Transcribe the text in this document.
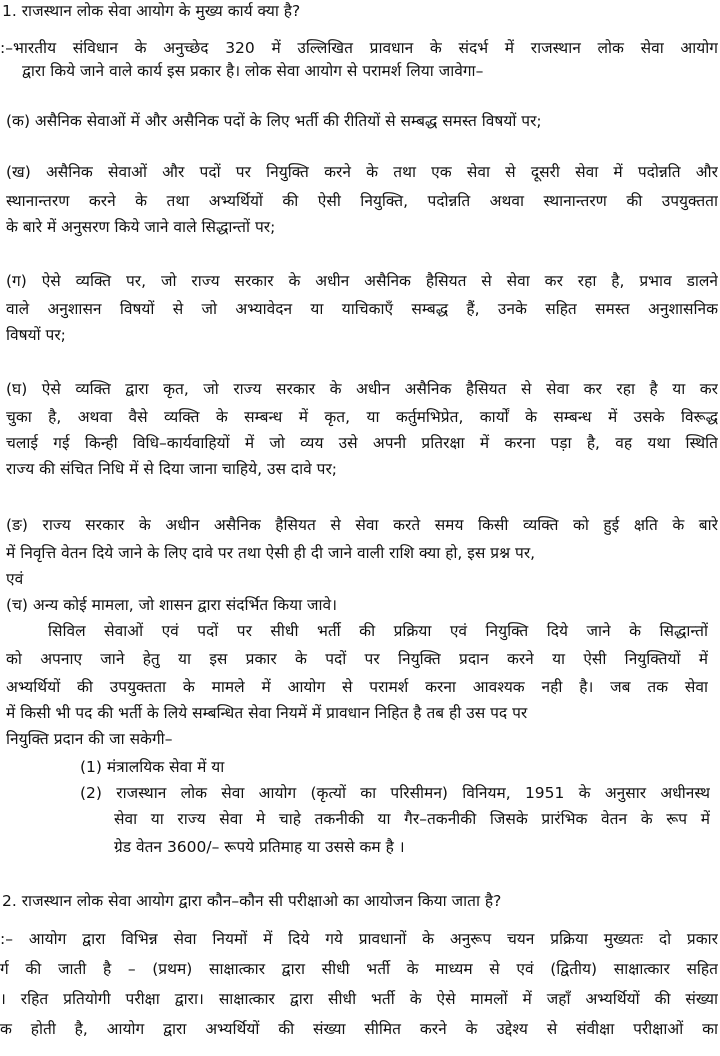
1. राजस्थान लोक सेवा आयोग के मुख्य कार्य क्या है?
:–भारतीय संविधान के अनुच्छेद 320 में उल्लिखित प्रावधान के संदर्भ में राजस्थान लोक सेवा आयोग
द्वारा किये जाने वाले कार्य इस प्रकार है। लोक सेवा आयोग से परामर्श लिया जावेगा–
(क) असैनिक सेवाओं में और असैनिक पदों के लिए भर्ती की रीतियों से सम्बद्ध समस्त विषयों पर;
(ख) असैनिक सेवाओं और पदों पर नियुक्ति करने के तथा एक सेवा से दूसरी सेवा में पदोन्नति और
स्थानान्तरण करने के तथा अभ्यर्थियों की ऐसी नियुक्ति, पदोन्नति अथवा स्थानान्तरण की उपयुक्तता
के बारे में अनुसरण किये जाने वाले सिद्धान्तों पर;
(ग) ऐसे व्यक्ति पर, जो राज्य सरकार के अधीन असैनिक हैसियत से सेवा कर रहा है, प्रभाव डालने
वाले अनुशासन विषयों से जो अभ्यावेदन या याचिकाएँ सम्बद्ध हैं, उनके सहित समस्त अनुशासनिक
विषयों पर;
(घ) ऐसे व्यक्ति द्वारा कृत, जो राज्य सरकार के अधीन असैनिक हैसियत से सेवा कर रहा है या कर
चुका है, अथवा वैसे व्यक्ति के सम्बन्ध में कृत, या कर्तुमभिप्रेत, कार्यों के सम्बन्ध में उसके विरूद्ध
चलाई गई किन्ही विधि–कार्यवाहियों में जो व्यय उसे अपनी प्रतिरक्षा में करना पड़ा है, वह यथा स्थिति
राज्य की संचित निधि में से दिया जाना चाहिये, उस दावे पर;
(ङ) राज्य सरकार के अधीन असैनिक हैसियत से सेवा करते समय किसी व्यक्ति को हुई क्षति के बारे
में निवृत्ति वेतन दिये जाने के लिए दावे पर तथा ऐसी ही दी जाने वाली राशि क्या हो, इस प्रश्न पर,
एवं
(च) अन्य कोई मामला, जो शासन द्वारा संदर्भित किया जावे।
सिविल सेवाओं एवं पदों पर सीधी भर्ती की प्रक्रिया एवं नियुक्ति दिये जाने के सिद्धान्तों
को अपनाए जाने हेतु या इस प्रकार के पदों पर नियुक्ति प्रदान करने या ऐसी नियुक्तियों में
अभ्यर्थियों की उपयुक्तता के मामले में आयोग से परामर्श करना आवश्यक नही है। जब तक सेवा
में किसी भी पद की भर्ती के लिये सम्बन्धित सेवा नियमें में प्रावधान निहित है तब ही उस पद पर
नियुक्ति प्रदान की जा सकेगी–
(1) मंत्रालयिक सेवा में या
(2) राजस्थान लोक सेवा आयोग (कृत्यों का परिसीमन) विनियम, 1951 के अनुसार अधीनस्थ
सेवा या राज्य सेवा मे चाहे तकनीकी या गैर–तकनीकी जिसके प्रारंभिक वेतन के रूप में
ग्रेड वेतन 3600/– रूपये प्रतिमाह या उससे कम है ।
2. राजस्थान लोक सेवा आयोग द्वारा कौन–कौन सी परीक्षाओ का आयोजन किया जाता है?
:– आयोग द्वारा विभिन्न सेवा नियमों में दिये गये प्रावधानों के अनुरूप चयन प्रक्रिया मुख्यतः दो प्रकार
र्ग की जाती है – (प्रथम) साक्षात्कार द्वारा सीधी भर्ती के माध्यम से एवं (द्वितीय) साक्षात्कार सहित
। रहित प्रतियोगी परीक्षा द्वारा। साक्षात्कार द्वारा सीधी भर्ती के ऐसे मामलों में जहाँ अभ्यर्थियों की संख्या
क होती है, आयोग द्वारा अभ्यर्थियों की संख्या सीमित करने के उद्देश्य से संवीक्षा परीक्षाओं का
